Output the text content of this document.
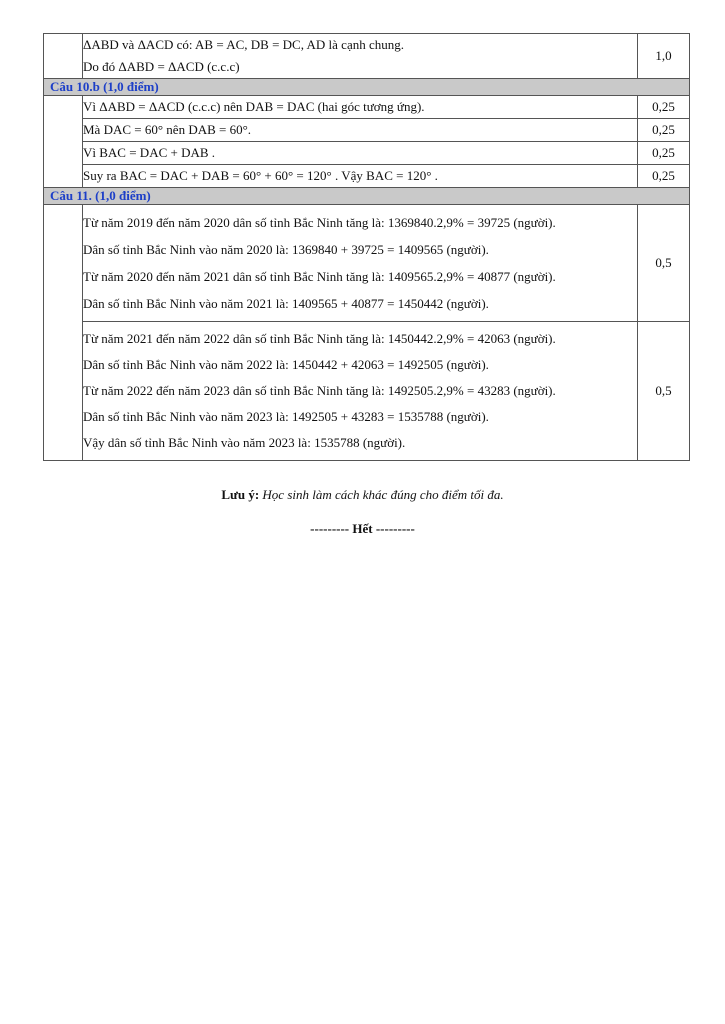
	ΔABD và ΔACD có: AB = AC, DB = DC, AD là cạnh chung.
Do đó ΔABD = ΔACD (c.c.c)	1,0
Câu 10.b (1,0 điểm)		

	Vì ΔABD = ΔACD (c.c.c) nên DAB = DAC (hai góc tương ứng).	0,25

	Mà DAC = 60° nên DAB = 60°.	0,25

	Vì BAC = DAC + DAB .	0,25

	Suy ra BAC = DAC + DAB = 60° + 60° = 120° . Vậy BAC = 120° .	0,25
Câu 11. (1,0 điểm)		

	Từ năm 2019 đến năm 2020 dân số tỉnh Bắc Ninh tăng là: 1369840.2,9% = 39725 (người).
Dân số tỉnh Bắc Ninh vào năm 2020 là: 1369840 + 39725 = 1409565 (người).
Từ năm 2020 đến năm 2021 dân số tỉnh Bắc Ninh tăng là: 1409565.2,9% = 40877 (người).
Dân số tỉnh Bắc Ninh vào năm 2021 là: 1409565 + 40877 = 1450442 (người).	0,5

	Từ năm 2021 đến năm 2022 dân số tỉnh Bắc Ninh tăng là: 1450442.2,9% = 42063 (người).
Dân số tỉnh Bắc Ninh vào năm 2022 là: 1450442 + 42063 = 1492505 (người).
Từ năm 2022 đến năm 2023 dân số tỉnh Bắc Ninh tăng là: 1492505.2,9% = 43283 (người).
Dân số tỉnh Bắc Ninh vào năm 2023 là: 1492505 + 43283 = 1535788 (người).
Vậy dân số tỉnh Bắc Ninh vào năm 2023 là: 1535788 (người).	0,5
Lưu ý: Học sinh làm cách khác đúng cho điểm tối đa.
--------- Hết ---------
